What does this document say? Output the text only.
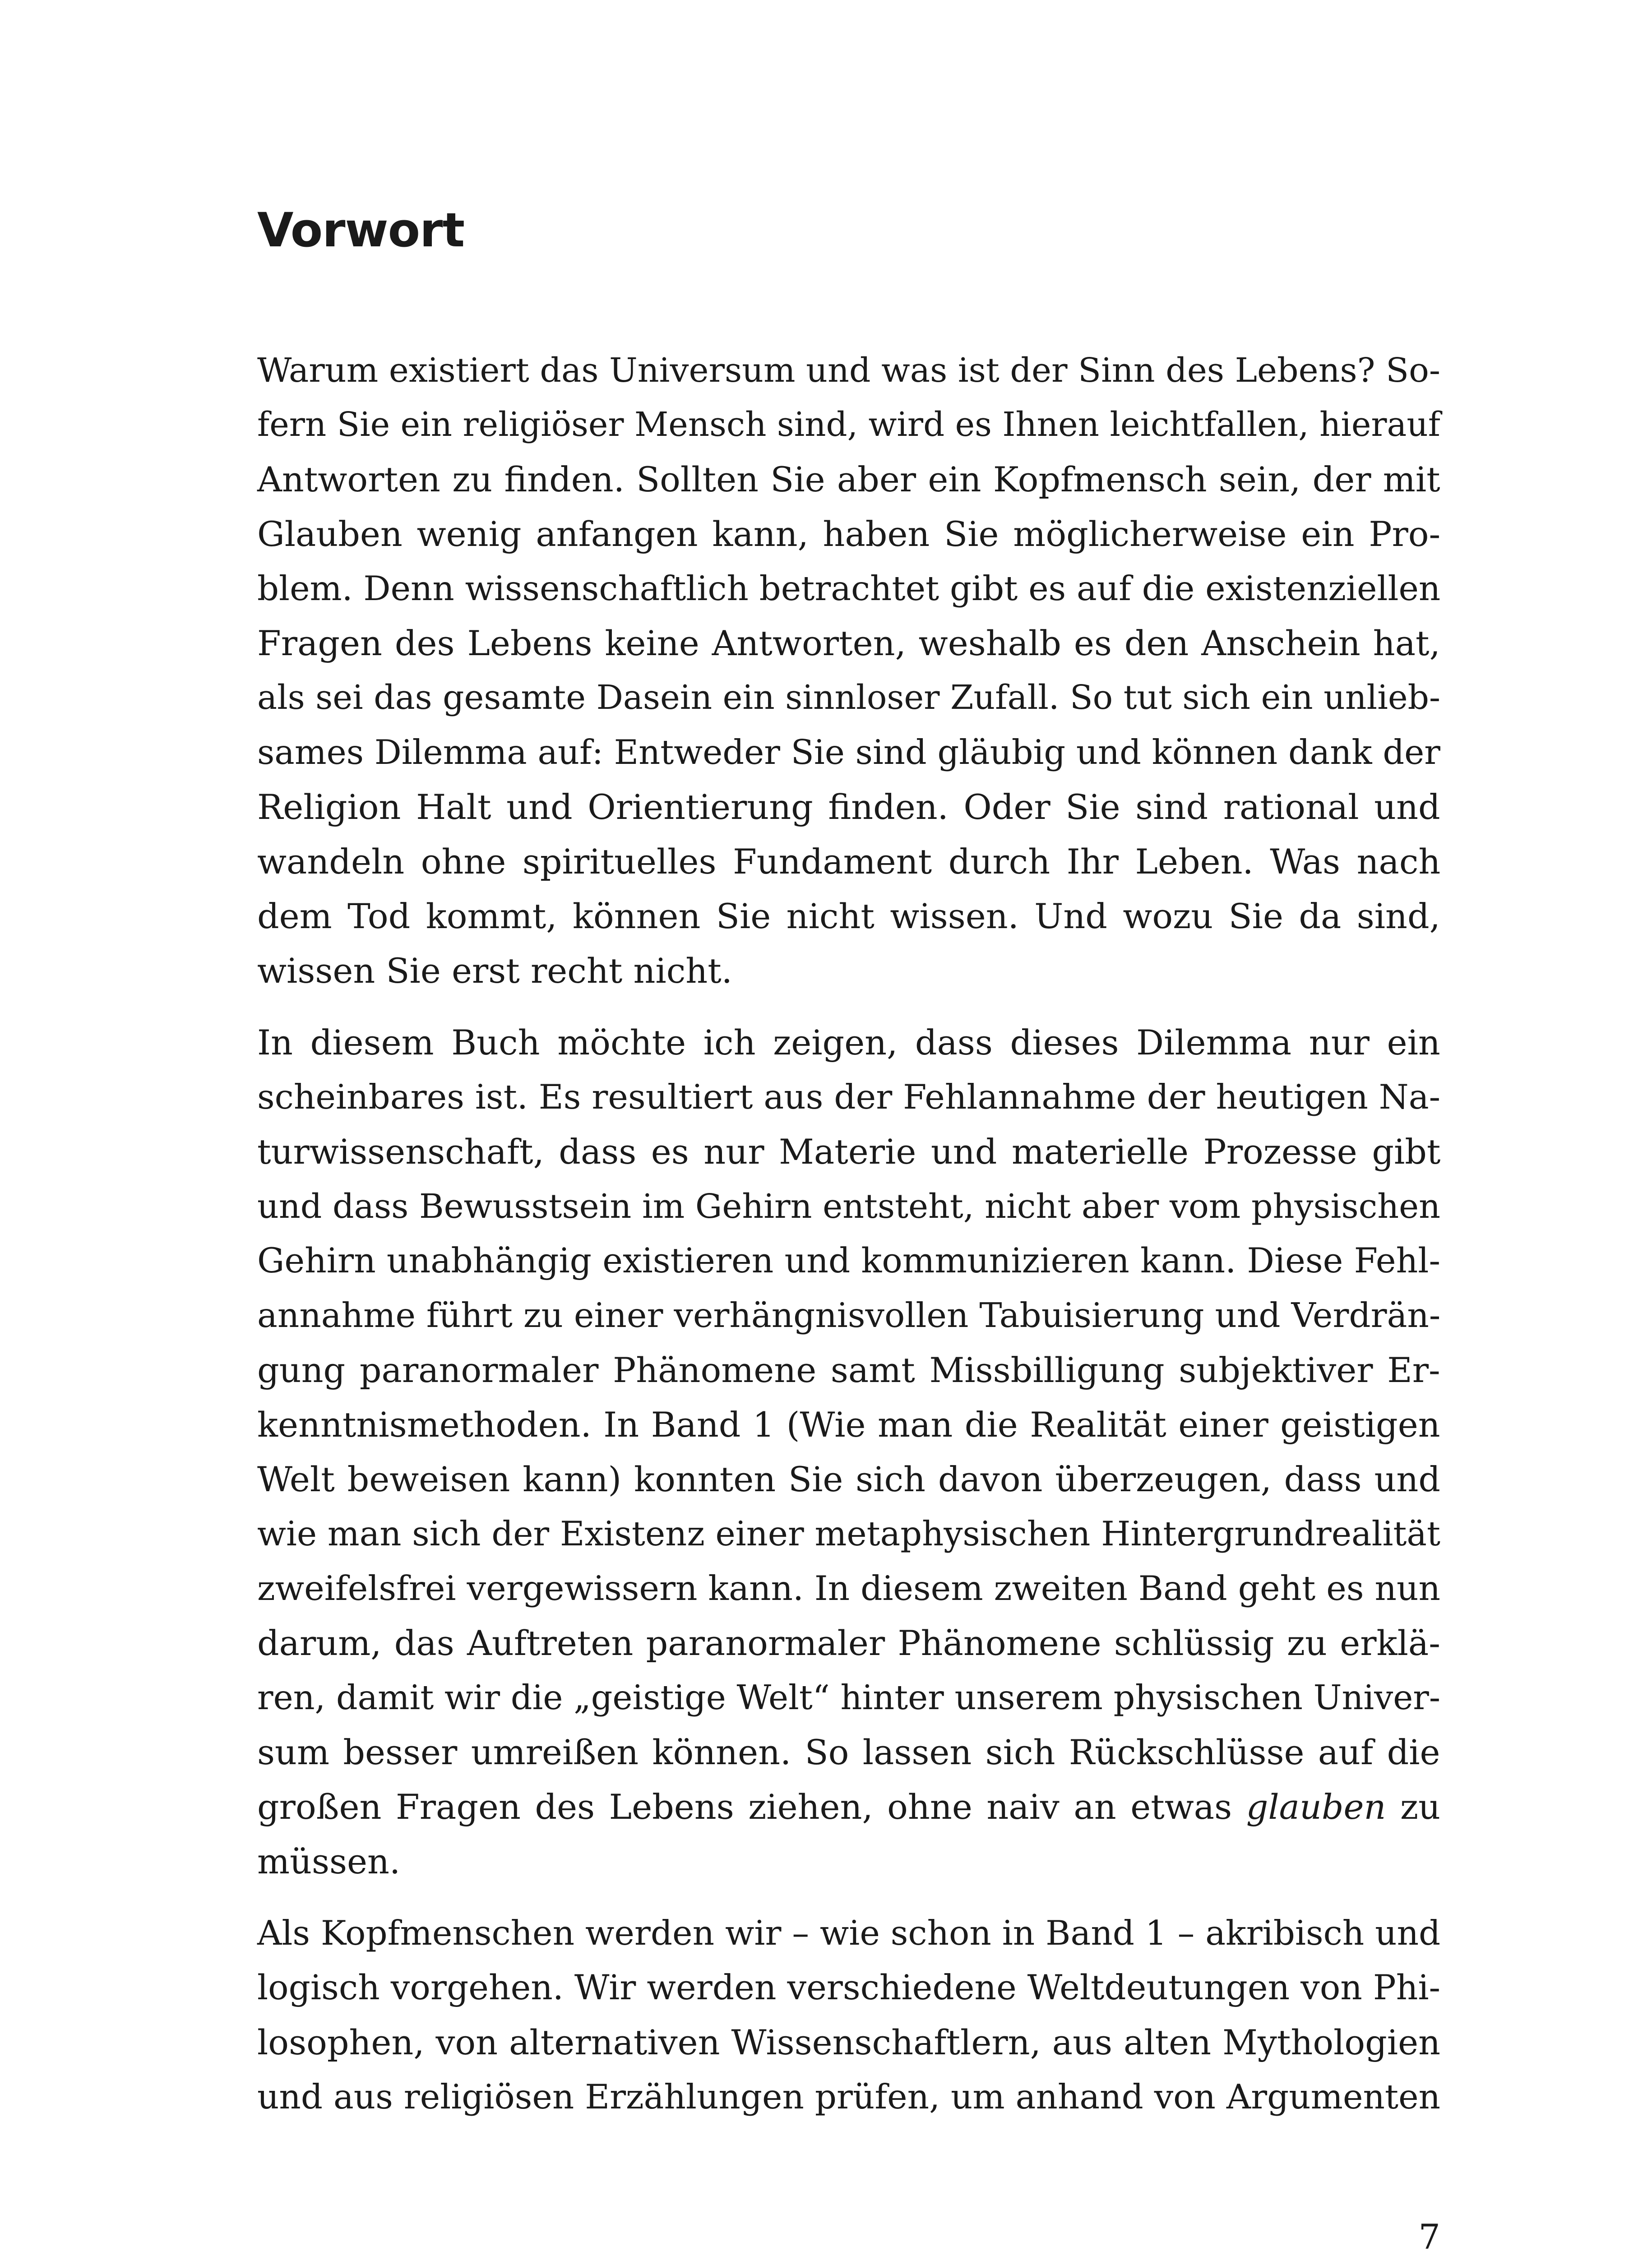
Vorwort
Warum existiert das Universum und was ist der Sinn des Lebens? So-
fern Sie ein religiöser Mensch sind, wird es Ihnen leichtfallen, hierauf
Antworten zu finden. Sollten Sie aber ein Kopfmensch sein, der mit
Glauben wenig anfangen kann, haben Sie möglicherweise ein Pro-
blem. Denn wissenschaftlich betrachtet gibt es auf die existenziellen
Fragen des Lebens keine Antworten, weshalb es den Anschein hat,
als sei das gesamte Dasein ein sinnloser Zufall. So tut sich ein unlieb-
sames Dilemma auf: Entweder Sie sind gläubig und können dank der
Religion Halt und Orientierung finden. Oder Sie sind rational und
wandeln ohne spirituelles Fundament durch Ihr Leben. Was nach
dem Tod kommt, können Sie nicht wissen. Und wozu Sie da sind,
wissen Sie erst recht nicht.
In diesem Buch möchte ich zeigen, dass dieses Dilemma nur ein
scheinbares ist. Es resultiert aus der Fehlannahme der heutigen Na-
turwissenschaft, dass es nur Materie und materielle Prozesse gibt
und dass Bewusstsein im Gehirn entsteht, nicht aber vom physischen
Gehirn unabhängig existieren und kommunizieren kann. Diese Fehl-
annahme führt zu einer verhängnisvollen Tabuisierung und Verdrän-
gung paranormaler Phänomene samt Missbilligung subjektiver Er-
kenntnismethoden. In Band 1 (Wie man die Realität einer geistigen
Welt beweisen kann) konnten Sie sich davon überzeugen, dass und
wie man sich der Existenz einer metaphysischen Hintergrundrealität
zweifelsfrei vergewissern kann. In diesem zweiten Band geht es nun
darum, das Auftreten paranormaler Phänomene schlüssig zu erklä-
ren, damit wir die „geistige Welt“ hinter unserem physischen Univer-
sum besser umreißen können. So lassen sich Rückschlüsse auf die
großen Fragen des Lebens ziehen, ohne naiv an etwas glauben zu
müssen.
Als Kopfmenschen werden wir – wie schon in Band 1 – akribisch und
logisch vorgehen. Wir werden verschiedene Weltdeutungen von Phi-
losophen, von alternativen Wissenschaftlern, aus alten Mythologien
und aus religiösen Erzählungen prüfen, um anhand von Argumenten
7
